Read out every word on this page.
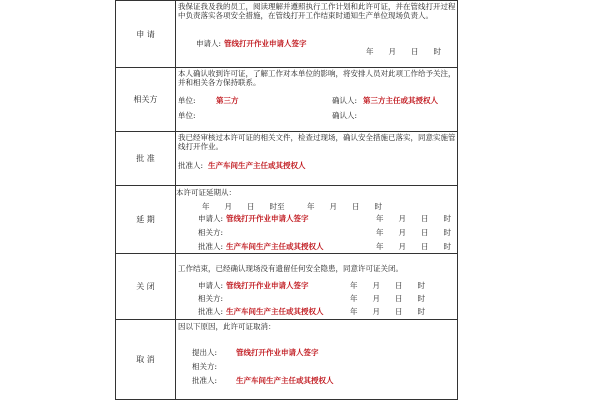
申 请
我保证我及我的员工，阅读理解并遵照执行工作计划和此许可证，并在管线打开过程中负责落实各项安全措施，在管线打开工作结束时通知生产单位现场负责人。
申请人: 管线打开作业申请人签字
年　　月　　日　　时
相关方
本人确认收到许可证，了解工作对本单位的影响，将安排人员对此项工作给予关注，并和相关各方保持联系。
单位:	第三方	确认人: 第三方主任或其授权人
单位:	确认人:
批 准
我已经审核过本许可证的相关文件，检查过现场，确认安全措施已落实，同意实施管线打开作业。
批准人: 生产车间生产主任或其授权人
延 期
本许可证延期从：
年　　月　　日　　时至　　　年　　月　　日　　时
申请人: 管线打开作业申请人签字	年　　月　　日　　时
相关方:	年　　月　　日　　时
批准人: 生产车间生产主任或其授权人	年　　月　　日　　时
关 闭
工作结束，已经确认现场没有遗留任何安全隐患，同意许可证关闭。
申请人: 管线打开作业申请人签字	年　　月　　日　　时
相关方:	年　　月　　日　　时
批准人: 生产车间生产主任或其授权人	年　　月　　日　　时
取 消
因以下原因，此许可证取消：
提出人:	管线打开作业申请人签字
相关方:
批准人:	生产车间生产主任或其授权人
